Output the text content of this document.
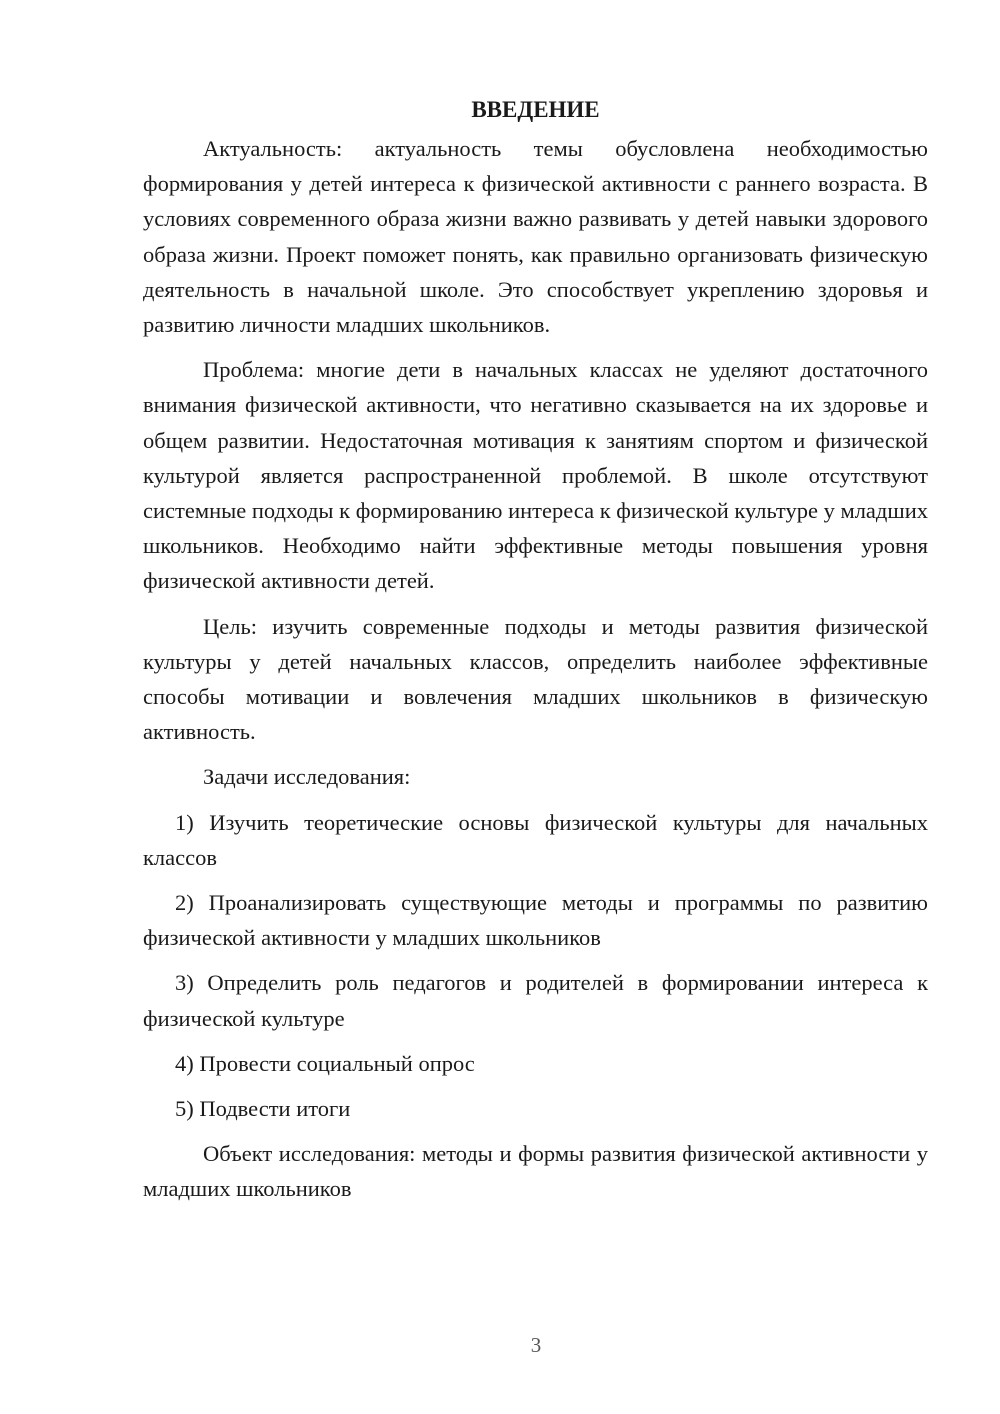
ВВЕДЕНИЕ

Актуальность: актуальность темы обусловлена необходимостью формирования у детей интереса к физической активности с раннего возраста. В условиях современного образа жизни важно развивать у детей навыки здорового образа жизни. Проект поможет понять, как правильно организовать физическую деятельность в начальной школе. Это способствует укреплению здоровья и развитию личности младших школьников.

Проблема: многие дети в начальных классах не уделяют достаточного внимания физической активности, что негативно сказывается на их здоровье и общем развитии. Недостаточная мотивация к занятиям спортом и физической культурой является распространенной проблемой. В школе отсутствуют системные подходы к формированию интереса к физической культуре у младших школьников. Необходимо найти эффективные методы повышения уровня физической активности детей.

Цель: изучить современные подходы и методы развития физической культуры у детей начальных классов, определить наиболее эффективные способы мотивации и вовлечения младших школьников в физическую активность.

Задачи исследования:

1) Изучить теоретические основы физической культуры для начальных классов

2) Проанализировать существующие методы и программы по развитию физической активности у младших школьников

3) Определить роль педагогов и родителей в формировании интереса к физической культуре

4) Провести социальный опрос

5) Подвести итоги

Объект исследования: методы и формы развития физической активности у младших школьников

3
